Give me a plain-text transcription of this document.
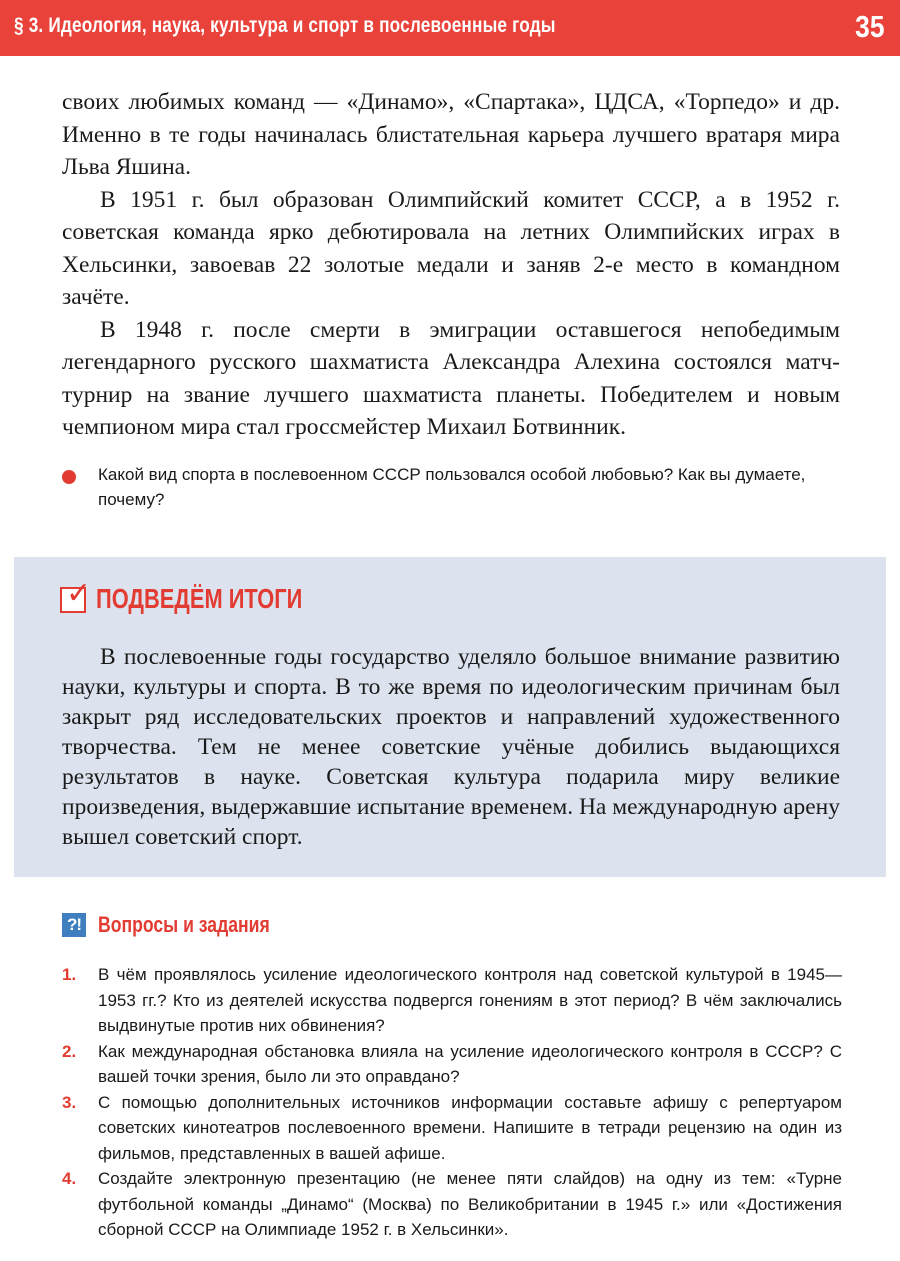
§ 3. Идеология, наука, культура и спорт в послевоенные годы	35

своих любимых команд — «Динамо», «Спартака», ЦДСА, «Торпедо» и др. Именно в те годы начиналась блистательная карьера лучшего вратаря мира Льва Яшина.

В 1951 г. был образован Олимпийский комитет СССР, а в 1952 г. советская команда ярко дебютировала на летних Олимпийских играх в Хельсинки, завоевав 22 золотые медали и заняв 2-е место в командном зачёте.

В 1948 г. после смерти в эмиграции оставшегося непобедимым легендарного русского шахматиста Александра Алехина состоялся матч-турнир на звание лучшего шахматиста планеты. Победителем и новым чемпионом мира стал гроссмейстер Михаил Ботвинник.

Какой вид спорта в послевоенном СССР пользовался особой любовью? Как вы думаете, почему?
✓ ПОДВЕДЁМ ИТОГИ

В послевоенные годы государство уделяло большое внимание развитию науки, культуры и спорта. В то же время по идеологическим причинам был закрыт ряд исследовательских проектов и направлений художественного творчества. Тем не менее советские учёные добились выдающихся результатов в науке. Советская культура подарила миру великие произведения, выдержавшие испытание временем. На международную арену вышел советский спорт.

?! Вопросы и задания
1. В чём проявлялось усиление идеологического контроля над советской культурой в 1945—1953 гг.? Кто из деятелей искусства подвергся гонениям в этот период? В чём заключались выдвинутые против них обвинения?
2. Как международная обстановка влияла на усиление идеологического контроля в СССР? С вашей точки зрения, было ли это оправдано?
3. С помощью дополнительных источников информации составьте афишу с репертуаром советских кинотеатров послевоенного времени. Напишите в тетради рецензию на один из фильмов, представленных в вашей афише.
4. Создайте электронную презентацию (не менее пяти слайдов) на одну из тем: «Турне футбольной команды „Динамо“ (Москва) по Великобритании в 1945 г.» или «Достижения сборной СССР на Олимпиаде 1952 г. в Хельсинки».
